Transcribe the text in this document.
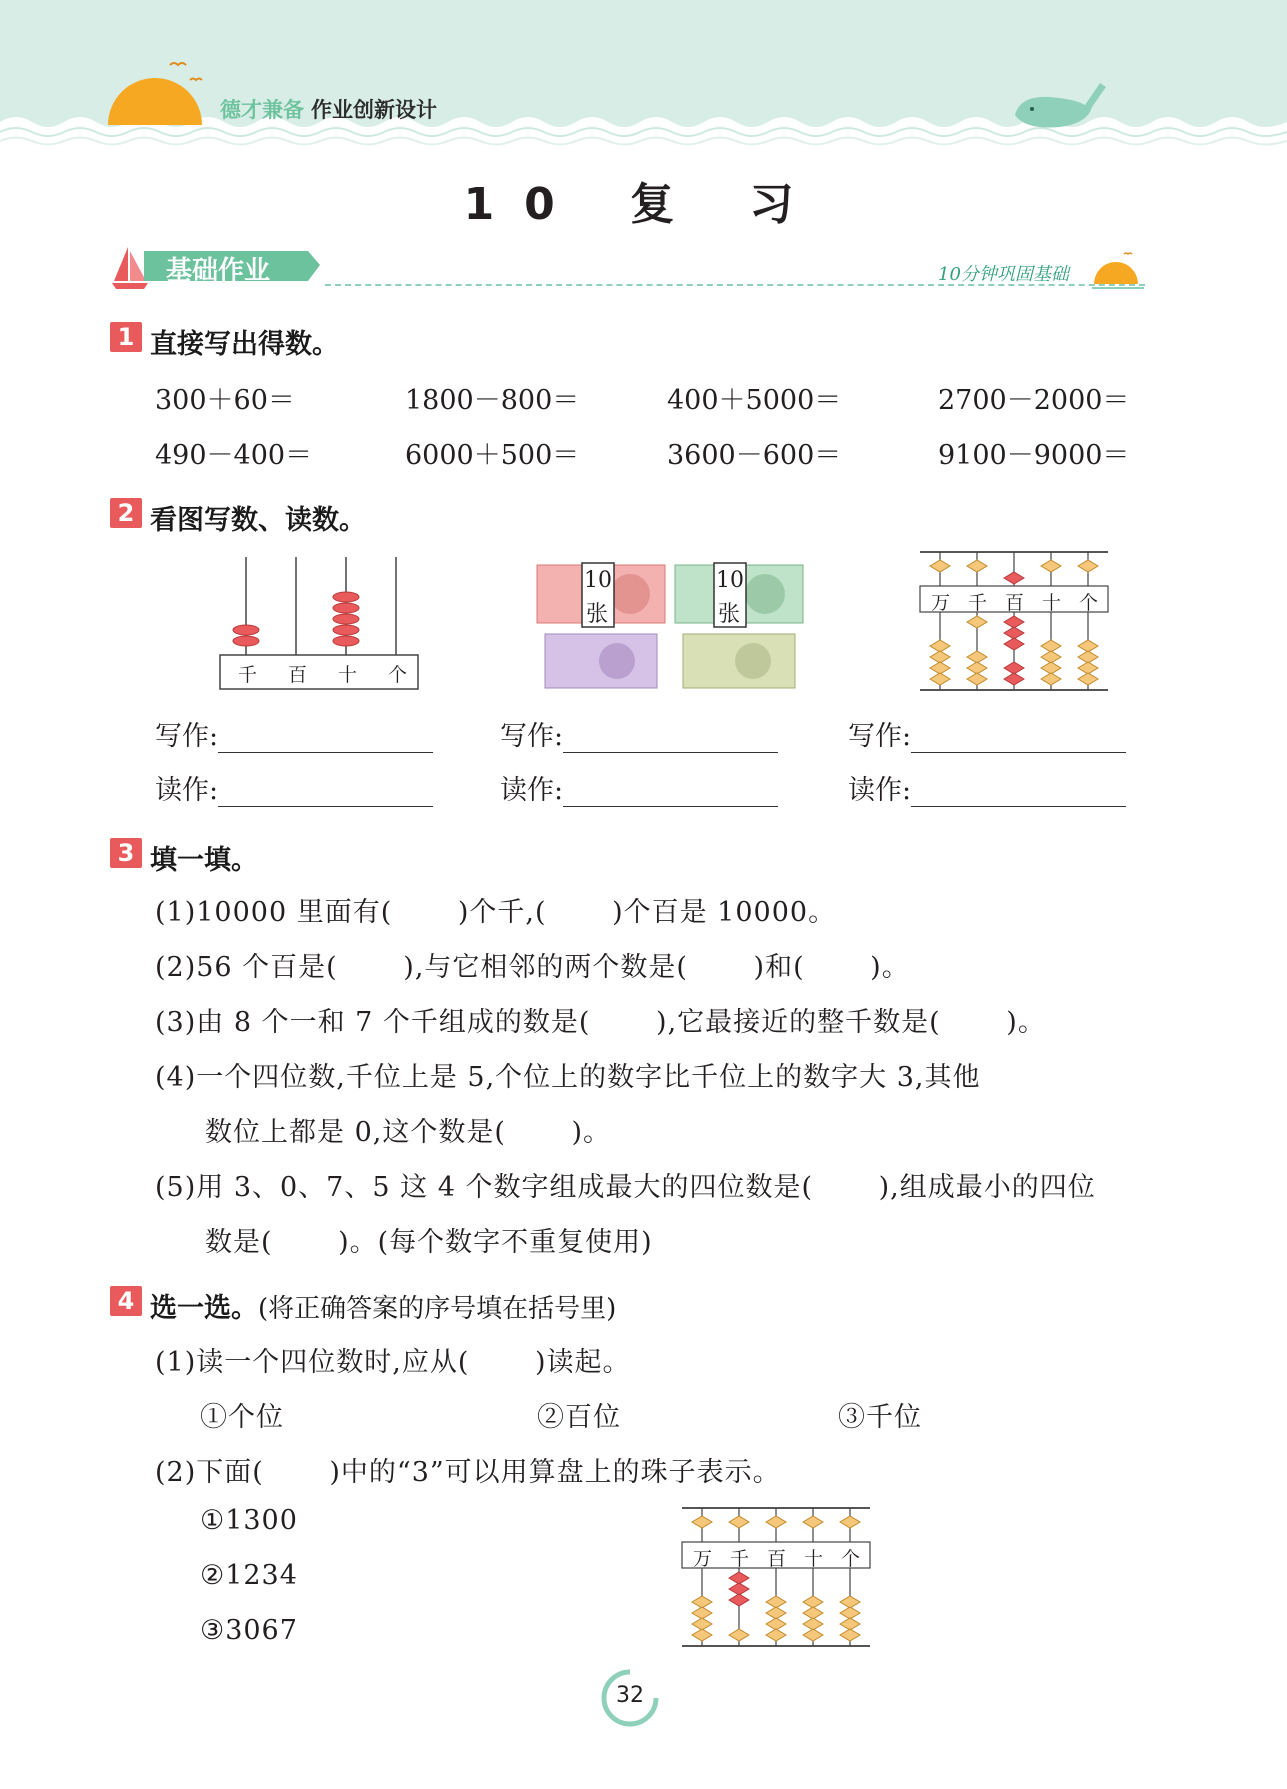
德才兼备 作业创新设计
10 复 习
基础作业	10分钟巩固基础
1 直接写出得数。
300＋60＝	1800－800＝	400＋5000＝	2700－2000＝
490－400＝	6000＋500＝	3600－600＝	9100－9000＝
2 看图写数、读数。
千 百 十 个
10
张
10
张	万 千 百 十 个
写作:	写作:	写作:
读作:	读作:	读作:
3 填一填。
(1)10000 里面有(　　 )个千,(　　 )个百是 10000。
(2)56 个百是(　　 ),与它相邻的两个数是(　　 )和(　　 )。
(3)由 8 个一和 7 个千组成的数是(　　 ),它最接近的整千数是(　　 )。
(4)一个四位数,千位上是 5,个位上的数字比千位上的数字大 3,其他
数位上都是 0,这个数是(　　 )。
(5)用 3、0、7、5 这 4 个数字组成最大的四位数是(　　 ),组成最小的四位
数是(　　 )。(每个数字不重复使用)
4 选一选。(将正确答案的序号填在括号里)
(1)读一个四位数时,应从(　　 )读起。
①个位	②百位	③千位
(2)下面(　　 )中的“3”可以用算盘上的珠子表示。
①1300
②1234
③3067
万 千 百 十 个
32
